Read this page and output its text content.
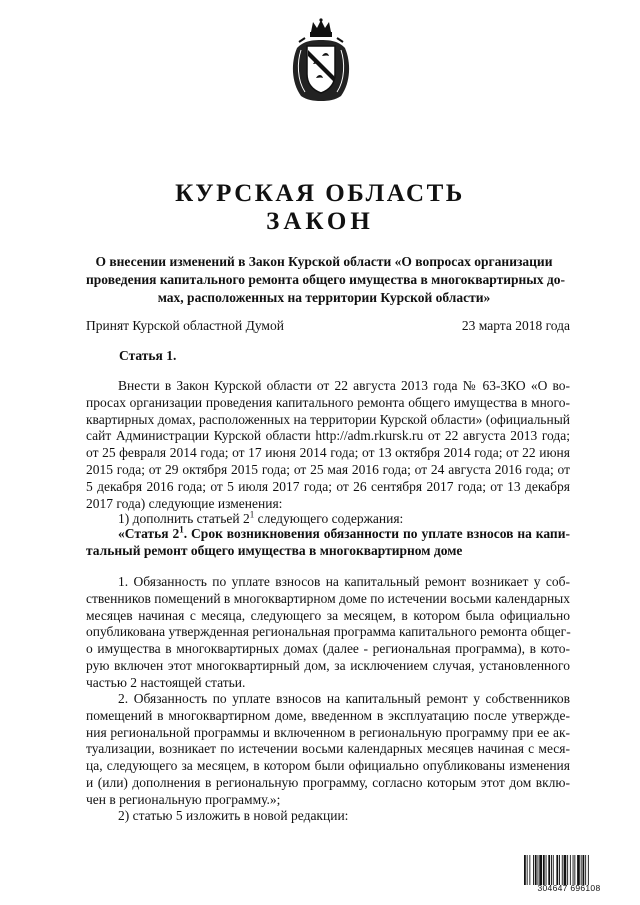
КУРСКАЯ ОБЛАСТЬ
ЗАКОН
О внесении изменений в Закон Курской области «О вопросах организации
проведения капитального ремонта общего имущества в многоквартирных до-
мах, расположенных на территории Курской области»
Принят Курской областной Думой	23 марта 2018 года
Статья 1.
Внести в Закон Курской области от 22 августа 2013 года № 63-ЗКО «О во-
просах организации проведения капитального ремонта общего имущества в много-
квартирных домах, расположенных на территории Курской области» (официальный
сайт Администрации Курской области http://adm.rkursk.ru от 22 августа 2013 года;
от 25 февраля 2014 года; от 17 июня 2014 года; от 13 октября 2014 года; от 22 июня
2015 года; от 29 октября 2015 года; от 25 мая 2016 года; от 24 августа 2016 года; от
5 декабря 2016 года; от 5 июля 2017 года; от 26 сентября 2017 года; от 13 декабря
2017 года) следующие изменения:
1) дополнить статьей $2^1$ следующего содержания:
«Статья $2^1$. Срок возникновения обязанности по уплате взносов на капи-
тальный ремонт общего имущества в многоквартирном доме
1. Обязанность по уплате взносов на капитальный ремонт возникает у соб-
ственников помещений в многоквартирном доме по истечении восьми календарных
месяцев начиная с месяца, следующего за месяцем, в котором была официально
опубликована утвержденная региональная программа капитального ремонта общег-
о имущества в многоквартирных домах (далее - региональная программа), в кото-
рую включен этот многоквартирный дом, за исключением случая, установленного
частью 2 настоящей статьи.
2. Обязанность по уплате взносов на капитальный ремонт у собственников
помещений в многоквартирном доме, введенном в эксплуатацию после утвержде-
ния региональной программы и включенном в региональную программу при ее ак-
туализации, возникает по истечении восьми календарных месяцев начиная с меся-
ца, следующего за месяцем, в котором были официально опубликованы изменения
и (или) дополнения в региональную программу, согласно которым этот дом вклю-
чен в региональную программу.»;
2) статью 5 изложить в новой редакции:
304647 696108
